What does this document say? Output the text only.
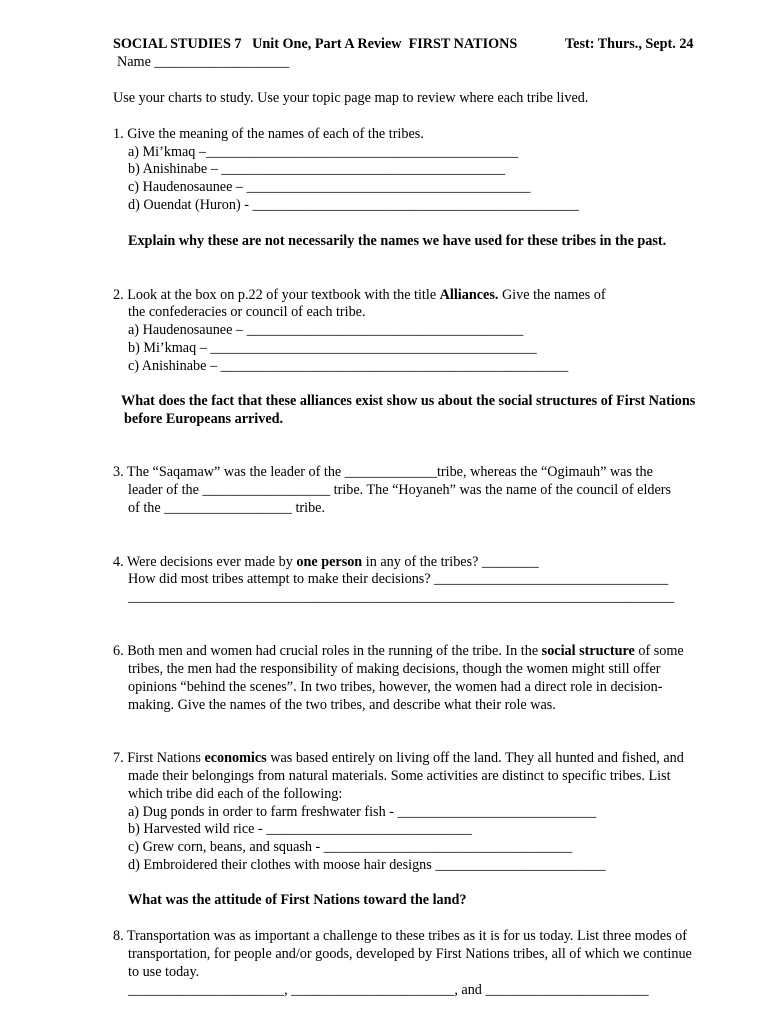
SOCIAL STUDIES 7   Unit One, Part A Review  FIRST NATIONS	Test: Thurs., Sept. 24
Name ___________________
Use your charts to study. Use your topic page map to review where each tribe lived.
1. Give the meaning of the names of each of the tribes.
a) Mi’kmaq –____________________________________________
b) Anishinabe – ________________________________________
c) Haudenosaunee – ________________________________________
d) Ouendat (Huron) - ______________________________________________
Explain why these are not necessarily the names we have used for these tribes in the past.
2. Look at the box on p.22 of your textbook with the title Alliances. Give the names of
the confederacies or council of each tribe.
a) Haudenosaunee – _______________________________________
b) Mi’kmaq – ______________________________________________
c) Anishinabe – _________________________________________________
What does the fact that these alliances exist show us about the social structures of First Nations
before Europeans arrived.
3. The “Saqamaw” was the leader of the _____________tribe, whereas the “Ogimauh” was the
leader of the __________________ tribe. The “Hoyaneh” was the name of the council of elders
of the __________________ tribe.
4. Were decisions ever made by one person in any of the tribes? ________
How did most tribes attempt to make their decisions? _________________________________
_____________________________________________________________________________
6. Both men and women had crucial roles in the running of the tribe. In the social structure of some
tribes, the men had the responsibility of making decisions, though the women might still offer
opinions “behind the scenes”. In two tribes, however, the women had a direct role in decision-
making. Give the names of the two tribes, and describe what their role was.
7. First Nations economics was based entirely on living off the land. They all hunted and fished, and
made their belongings from natural materials. Some activities are distinct to specific tribes. List
which tribe did each of the following:
a) Dug ponds in order to farm freshwater fish - ____________________________
b) Harvested wild rice - _____________________________
c) Grew corn, beans, and squash - ___________________________________
d) Embroidered their clothes with moose hair designs ________________________
What was the attitude of First Nations toward the land?
8. Transportation was as important a challenge to these tribes as it is for us today. List three modes of
transportation, for people and/or goods, developed by First Nations tribes, all of which we continue
to use today.
______________________, _______________________, and _______________________
